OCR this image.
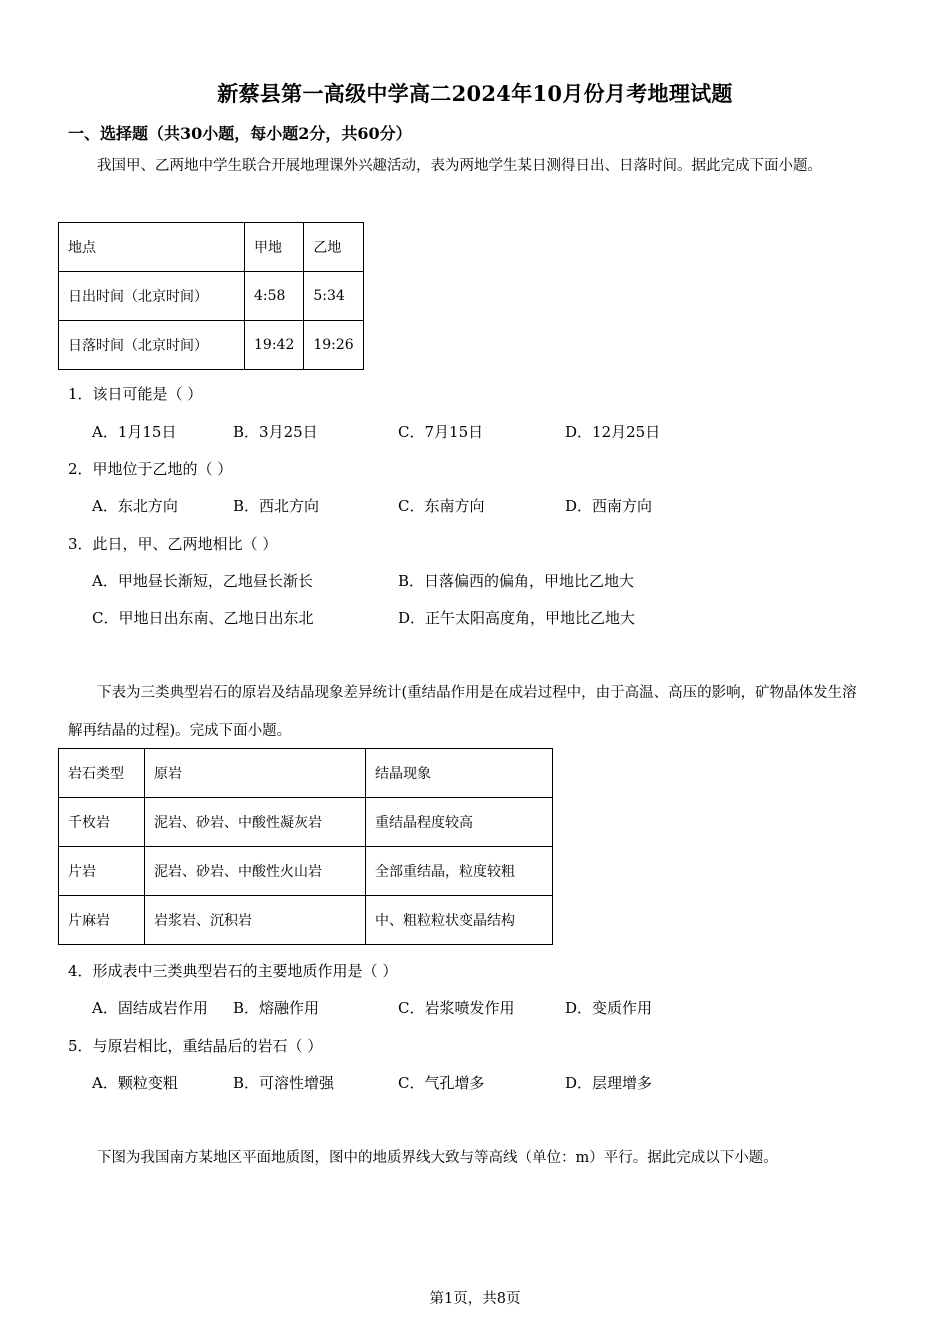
新蔡县第一高级中学高二2024年10月份月考地理试题
一、选择题（共30小题，每小题2分，共60分）
我国甲、乙两地中学生联合开展地理课外兴趣活动，表为两地学生某日测得日出、日落时间。据此完成下面小题。
地点	甲地	乙地
日出时间（北京时间）	4:58	5:34
日落时间（北京时间）	19:42	19:26
1．该日可能是（ ）
A．1月15日	B．3月25日	C．7月15日	D．12月25日
2．甲地位于乙地的（ ）
A．东北方向	B．西北方向	C．东南方向	D．西南方向
3．此日，甲、乙两地相比（ ）
A．甲地昼长渐短，乙地昼长渐长	B．日落偏西的偏角，甲地比乙地大
C．甲地日出东南、乙地日出东北	D．正午太阳高度角，甲地比乙地大
下表为三类典型岩石的原岩及结晶现象差异统计(重结晶作用是在成岩过程中，由于高温、高压的影响，矿物晶体发生溶解再结晶的过程)。完成下面小题。
岩石类型	原岩	结晶现象
千枚岩	泥岩、砂岩、中酸性凝灰岩	重结晶程度较高
片岩	泥岩、砂岩、中酸性火山岩	全部重结晶，粒度较粗
片麻岩	岩浆岩、沉积岩	中、粗粒粒状变晶结构
4．形成表中三类典型岩石的主要地质作用是（ ）
A．固结成岩作用 B．熔融作用	C．岩浆喷发作用	D．变质作用
5．与原岩相比，重结晶后的岩石（ ）
A．颗粒变粗	B．可溶性增强	C．气孔增多	D．层理增多
下图为我国南方某地区平面地质图，图中的地质界线大致与等高线（单位：m）平行。据此完成以下小题。
第1页，共8页
